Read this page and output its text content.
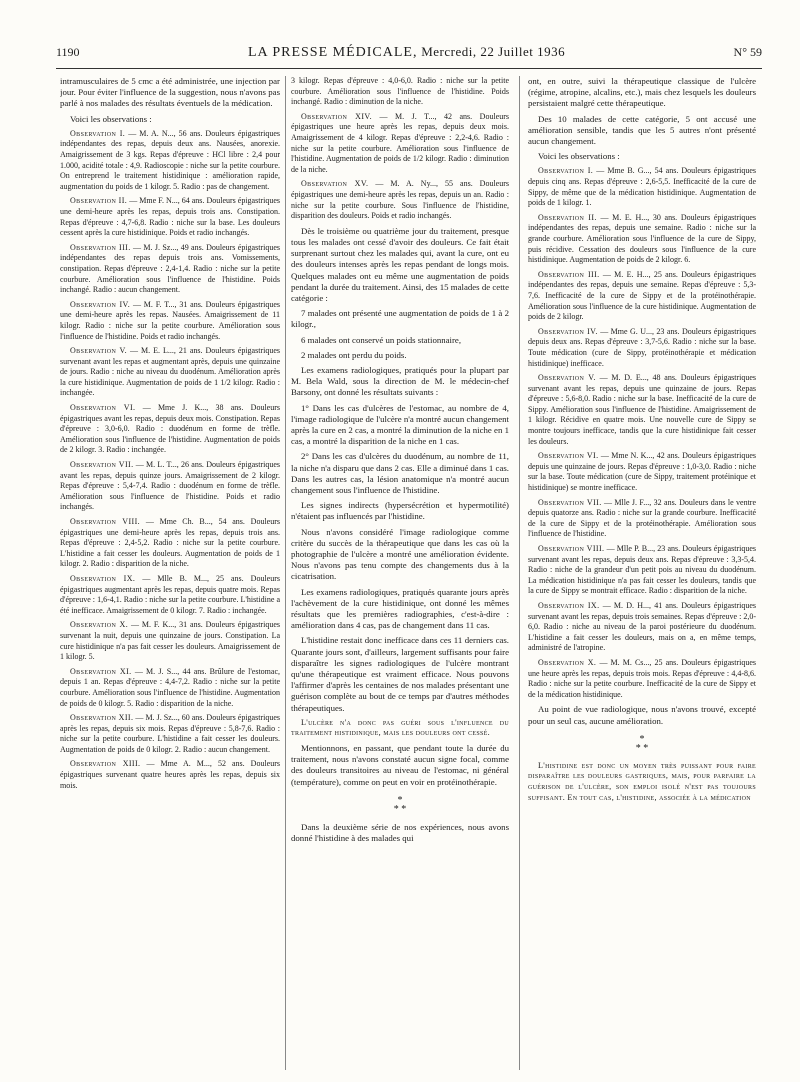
1190	LA PRESSE MÉDICALE, Mercredi, 22 Juillet 1936	N° 59

intramusculaires de 5 cmc a été administrée, une injection par jour. Pour éviter l'influence de la suggestion, nous n'avons pas parlé à nos malades des résultats éventuels de la médication.

Voici les observations :

Observation I. — M. A. N..., 56 ans. Douleurs épigastriques indépendantes des repas, depuis deux ans. Nausées, anorexie. Amaigrissement de 3 kgs. Repas d'épreuve : HCl libre : 2,4 pour 1.000, acidité totale : 4,9. Radioscopie : niche sur la petite courbure. On entreprend le traitement histidinique : amélioration rapide, augmentation du poids de 1 kilogr. 5. Radio : pas de changement.

Observation II. — Mme F. N..., 64 ans. Douleurs épigastriques une demi-heure après les repas, depuis trois ans. Constipation. Repas d'épreuve : 4,7-6,8. Radio : niche sur la base. Les douleurs cessent après la cure histidinique. Poids et radio inchangés.

Observation III. — M. J. Sz..., 49 ans. Douleurs épigastriques indépendantes des repas depuis trois ans. Vomissements, constipation. Repas d'épreuve : 2,4-1,4. Radio : niche sur la petite courbure. Amélioration sous l'influence de l'histidine. Poids inchangé. Radio : aucun changement.

Observation IV. — M. F. T..., 31 ans. Douleurs épigastriques une demi-heure après les repas. Nausées. Amaigrissement de 11 kilogr. Radio : niche sur la petite courbure. Amélioration sous l'influence de l'histidine. Poids et radio inchangés.

Observation V. — M. E. L..., 21 ans. Douleurs épigastriques survenant avant les repas et augmentant après, depuis une quinzaine de jours. Radio : niche au niveau du duodénum. Amélioration après la cure histidinique. Augmentation de poids de 1 1/2 kilogr. Radio : inchangée.

Observation VI. — Mme J. K..., 38 ans. Douleurs épigastriques avant les repas, depuis deux mois. Constipation. Repas d'épreuve : 3,0-6,0. Radio : duodénum en forme de trèfle. Amélioration sous l'influence de l'histidine. Augmentation de poids de 2 kilogr. 3. Radio : inchangée.

Observation VII. — M. L. T..., 26 ans. Douleurs épigastriques avant les repas, depuis quinze jours. Amaigrissement de 2 kilogr. Repas d'épreuve : 5,4-7,4. Radio : duodénum en forme de trèfle. Amélioration sous l'influence de l'histidine. Poids et radio inchangés.

Observation VIII. — Mme Ch. B..., 54 ans. Douleurs épigastriques une demi-heure après les repas, depuis trois ans. Repas d'épreuve : 2,4-5,2. Radio : niche sur la petite courbure. L'histidine a fait cesser les douleurs. Augmentation de poids de 1 kilogr. 2. Radio : disparition de la niche.

Observation IX. — Mlle B. M..., 25 ans. Douleurs épigastriques augmentant après les repas, depuis quatre mois. Repas d'épreuve : 1,6-4,1. Radio : niche sur la petite courbure. L'histidine a été inefficace. Amaigrissement de 0 kilogr. 7. Radio : inchangée.

Observation X. — M. F. K..., 31 ans. Douleurs épigastriques survenant la nuit, depuis une quinzaine de jours. Constipation. La cure histidinique n'a pas fait cesser les douleurs. Amaigrissement de 1 kilogr. 5.

Observation XI. — M. J. S..., 44 ans. Brûlure de l'estomac, depuis 1 an. Repas d'épreuve : 4,4-7,2. Radio : niche sur la petite courbure. Amélioration sous l'influence de l'histidine. Augmentation de poids de 0 kilogr. 5. Radio : disparition de la niche.

Observation XII. — M. J. Sz..., 60 ans. Douleurs épigastriques après les repas, depuis six mois. Repas d'épreuve : 5,8-7,6. Radio : niche sur la petite courbure. L'histidine a fait cesser les douleurs. Augmentation de poids de 0 kilogr. 2. Radio : aucun changement.

Observation XIII. — Mme A. M..., 52 ans. Douleurs épigastriques survenant quatre heures après les repas, depuis six mois.

3 kilogr. Repas d'épreuve : 4,0-6,0. Radio : niche sur la petite courbure. Amélioration sous l'influence de l'histidine. Poids inchangé. Radio : diminution de la niche.

Observation XIV. — M. J. T..., 42 ans. Douleurs épigastriques une heure après les repas, depuis deux mois. Amaigrissement de 4 kilogr. Repas d'épreuve : 2,2-4,6. Radio : niche sur la petite courbure. Amélioration sous l'influence de l'histidine. Augmentation de poids de 1/2 kilogr. Radio : diminution de la niche.

Observation XV. — M. A. Ny..., 55 ans. Douleurs épigastriques une demi-heure après les repas, depuis un an. Radio : niche sur la petite courbure. Sous l'influence de l'histidine, disparition des douleurs. Poids et radio inchangés.

Dès le troisième ou quatrième jour du traitement, presque tous les malades ont cessé d'avoir des douleurs. Ce fait était surprenant surtout chez les malades qui, avant la cure, ont eu des douleurs intenses après les repas pendant de longs mois. Quelques malades ont eu même une augmentation de poids pendant la durée du traitement. Ainsi, des 15 malades de cette catégorie :

7 malades ont présenté une augmentation de poids de 1 à 2 kilogr.,

6 malades ont conservé un poids stationnaire,

2 malades ont perdu du poids.

Les examens radiologiques, pratiqués pour la plupart par M. Bela Wald, sous la direction de M. le médecin-chef Barsony, ont donné les résultats suivants :

1° Dans les cas d'ulcères de l'estomac, au nombre de 4, l'image radiologique de l'ulcère n'a montré aucun changement après la cure en 2 cas, a montré la diminution de la niche en 1 cas, a montré la disparition de la niche en 1 cas.

2° Dans les cas d'ulcères du duodénum, au nombre de 11, la niche n'a disparu que dans 2 cas. Elle a diminué dans 1 cas. Dans les autres cas, la lésion anatomique n'a montré aucun changement sous l'influence de l'histidine.

Les signes indirects (hypersécrétion et hypermotilité) n'étaient pas influencés par l'histidine.

Nous n'avons considéré l'image radiologique comme critère du succès de la thérapeutique que dans les cas où la photographie de l'ulcère a montré une amélioration évidente. Nous n'avons pas tenu compte des changements dus à la cicatrisation.

Les examens radiologiques, pratiqués quarante jours après l'achèvement de la cure histidinique, ont donné les mêmes résultats que les premières radiographies, c'est-à-dire : amélioration dans 4 cas, pas de changement dans 11 cas.

L'histidine restait donc inefficace dans ces 11 derniers cas. Quarante jours sont, d'ailleurs, largement suffisants pour faire disparaître les signes radiologiques de l'ulcère montrant qu'une thérapeutique est vraiment efficace. Nous pouvons l'affirmer d'après les centaines de nos malades présentant une guérison complète au bout de ce temps par d'autres méthodes thérapeutiques.

L'ulcère n'a donc pas guéri sous l'influence du traitement histidinique, mais les douleurs ont cessé.

Mentionnons, en passant, que pendant toute la durée du traitement, nous n'avons constaté aucun signe focal, comme des douleurs transitoires au niveau de l'estomac, ni général (température), comme on peut en voir en protéinothérapie.

*
* *

Dans la deuxième série de nos expériences, nous avons donné l'histidine à des malades qui

ont, en outre, suivi la thérapeutique classique de l'ulcère (régime, atropine, alcalins, etc.), mais chez lesquels les douleurs persistaient malgré cette thérapeutique.

Des 10 malades de cette catégorie, 5 ont accusé une amélioration sensible, tandis que les 5 autres n'ont présenté aucun changement.

Voici les observations :

Observation I. — Mme B. G..., 54 ans. Douleurs épigastriques depuis cinq ans. Repas d'épreuve : 2,6-5,5. Inefficacité de la cure de Sippy, de même que de la médication histidinique. Augmentation de poids de 1 kilogr. 1.

Observation II. — M. E. H..., 30 ans. Douleurs épigastriques indépendantes des repas, depuis une semaine. Radio : niche sur la grande courbure. Amélioration sous l'influence de la cure de Sippy, puis récidive. Cessation des douleurs sous l'influence de la cure histidinique. Augmentation de poids de 2 kilogr. 6.

Observation III. — M. E. H..., 25 ans. Douleurs épigastriques indépendantes des repas, depuis une semaine. Repas d'épreuve : 5,3-7,6. Inefficacité de la cure de Sippy et de la protéinothérapie. Amélioration sous l'influence de la cure histidinique. Augmentation de poids de 2 kilogr.

Observation IV. — Mme G. U..., 23 ans. Douleurs épigastriques depuis deux ans. Repas d'épreuve : 3,7-5,6. Radio : niche sur la base. Toute médication (cure de Sippy, protéinothérapie et médication histidinique) inefficace.

Observation V. — M. D. E..., 48 ans. Douleurs épigastriques survenant avant les repas, depuis une quinzaine de jours. Repas d'épreuve : 5,6-8,0. Radio : niche sur la base. Inefficacité de la cure de Sippy. Amélioration sous l'influence de l'histidine. Amaigrissement de 1 kilogr. Récidive en quatre mois. Une nouvelle cure de Sippy se montre toujours inefficace, tandis que la cure histidinique fait cesser les douleurs.

Observation VI. — Mme N. K..., 42 ans. Douleurs épigastriques depuis une quinzaine de jours. Repas d'épreuve : 1,0-3,0. Radio : niche sur la base. Toute médication (cure de Sippy, traitement protéinique et histidinique) se montre inefficace.

Observation VII. — Mlle J. F..., 32 ans. Douleurs dans le ventre depuis quatorze ans. Radio : niche sur la grande courbure. Inefficacité de la cure de Sippy et de la protéinothérapie. Amélioration sous l'influence de l'histidine.

Observation VIII. — Mlle P. B..., 23 ans. Douleurs épigastriques survenant avant les repas, depuis deux ans. Repas d'épreuve : 3,3-5,4. Radio : niche de la grandeur d'un petit pois au niveau du duodénum. La médication histidinique n'a pas fait cesser les douleurs, tandis que la cure de Sippy se montrait efficace. Radio : disparition de la niche.

Observation IX. — M. D. H..., 41 ans. Douleurs épigastriques survenant avant les repas, depuis trois semaines. Repas d'épreuve : 2,0-6,0. Radio : niche au niveau de la paroi postérieure du duodénum. L'histidine a fait cesser les douleurs, mais on a, en même temps, administré de l'atropine.

Observation X. — M. M. Cs..., 25 ans. Douleurs épigastriques une heure après les repas, depuis trois mois. Repas d'épreuve : 4,4-8,6. Radio : niche sur la petite courbure. Inefficacité de la cure de Sippy et de la médication histidinique.

Au point de vue radiologique, nous n'avons trouvé, excepté pour un seul cas, aucune amélioration.

*
* *

L'histidine est donc un moyen très puissant pour faire disparaître les douleurs gastriques, mais, pour parfaire la guérison de l'ulcère, son emploi isolé n'est pas toujours suffisant. En tout cas, l'histidine, associée à la médication
